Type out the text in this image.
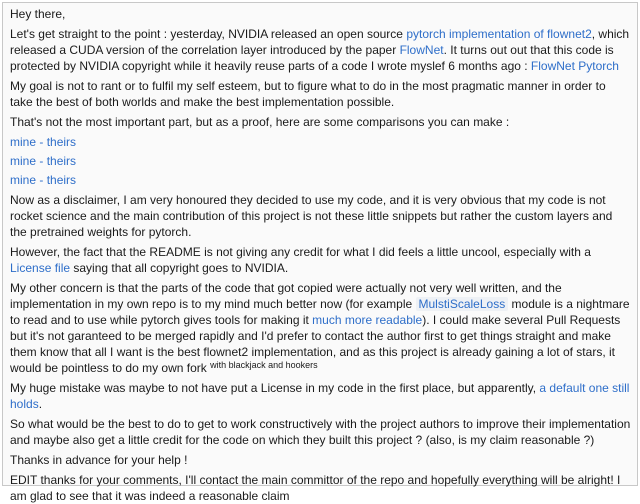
Hey there,

Let's get straight to the point : yesterday, NVIDIA released an open source pytorch implementation of flownet2, which released a CUDA version of the correlation layer introduced by the paper FlowNet. It turns out out that this code is protected by NVIDIA copyright while it heavily reuse parts of a code I wrote myslef 6 months ago : FlowNet Pytorch

My goal is not to rant or to fulfil my self esteem, but to figure what to do in the most pragmatic manner in order to take the best of both worlds and make the best implementation possible.

That's not the most important part, but as a proof, here are some comparisons you can make :

mine - theirs
mine - theirs
mine - theirs

Now as a disclaimer, I am very honoured they decided to use my code, and it is very obvious that my code is not rocket science and the main contribution of this project is not these little snippets but rather the custom layers and the pretrained weights for pytorch.

However, the fact that the README is not giving any credit for what I did feels a little uncool, especially with a License file saying that all copyright goes to NVIDIA.

My other concern is that the parts of the code that got copied were actually not very well written, and the implementation in my own repo is to my mind much better now (for example MulstiScaleLoss module is a nightmare to read and to use while pytorch gives tools for making it much more readable). I could make several Pull Requests but it's not garanteed to be merged rapidly and I'd prefer to contact the author first to get things straight and make them know that all I want is the best flownet2 implementation, and as this project is already gaining a lot of stars, it would be pointless to do my own fork $^{with blackjack and hookers}$

My huge mistake was maybe to not have put a License in my code in the first place, but apparently, a default one still holds.

So what would be the best to do to get to work constructively with the project authors to improve their implementation and maybe also get a little credit for the code on which they built this project ? (also, is my claim reasonable ?)

Thanks in advance for your help !

EDIT thanks for your comments, I'll contact the main committor of the repo and hopefully everything will be alright! I am glad to see that it was indeed a reasonable claim
